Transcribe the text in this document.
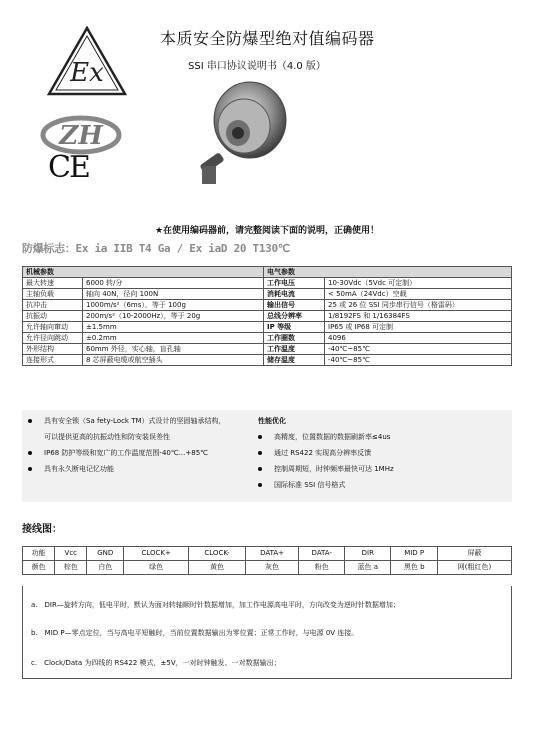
Ex
ZH
CE
本质安全防爆型绝对值编码器
SSI 串口协议说明书（4.0 版）
★在使用编码器前，请完整阅读下面的说明，正确使用！
防爆标志：Ex ia IIB T4 Ga / Ex iaD 20 T130℃
机械参数		电气参数	
最大转速	6000 转/分	工作电压	10-30Vdc（5Vdc 可定制）
主轴负载	轴向 40N，径向 100N	消耗电流	< 50mA（24Vdc）空载
抗冲击	1000m/s²（6ms），等于 100g	输出信号	25 或 26 位 SSI 同步串行信号（格雷码）
抗振动	200m/s²（10-2000Hz），等于 20g	总线分辨率	1/8192FS 和 1/16384FS
允许轴向窜动	±1.5mm	IP 等级	IP65 或 IP68 可定制
允许径向跳动	±0.2mm	工作圈数	4096
外形结构	60mm 外径，实心轴，盲孔轴	工作温度	-40℃~85℃
连接形式	8 芯屏蔽电缆或航空插头	储存温度	-40℃~85℃
具有安全锁（Sa fety-Lock TM）式设计的坚固轴承结构，
可以提供更高的抗振动性和防安装误差性
IP68 防护等级和宽广的工作温度范围-40℃...+85℃
具有永久断电记忆功能
性能优化
高精度，位置数据的数据刷新率≤4us
通过 RS422 实现高分辨率反馈
控制周期短，时钟频率最快可达 1MHz
国际标准 SSI 信号格式
接线图：
功能	Vcc	GND	CLOCK+	CLOCK-	DATA+	DATA-	DIR	MID P	屏蔽
颜色	棕色	白色	绿色	黄色	灰色	粉色	蓝色 a	黑色 b	网(粗红色)
a.　DIR—旋转方向，低电平时，默认为面对转轴顺时针数据增加，加工作电源高电平时，方向改变为逆时针数据增加；
b.　MID P—零点定位，当与高电平短触时，当前位置数据输出为零位置；正常工作时，与电源 0V 连接。
c.　Clock/Data 为四线的 RS422 模式，±5V，一对时钟触发、一对数据输出；
